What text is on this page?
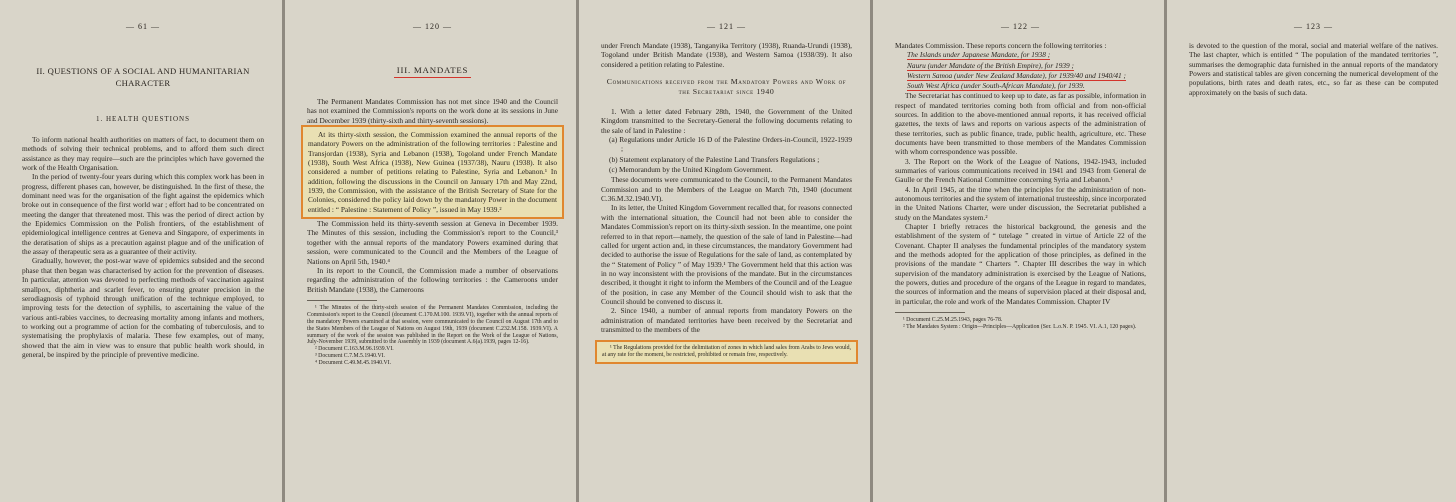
— 61 —
II. QUESTIONS OF A SOCIAL AND HUMANITARIAN CHARACTER
1. HEALTH QUESTIONS

To inform national health authorities on matters of fact, to document them on methods of solving their technical problems, and to afford them such direct assistance as they may require—such are the principles which have governed the work of the Health Organisation.

In the period of twenty-four years during which this complex work has been in progress, different phases can, however, be distinguished. In the first of these, the dominant need was for the organisation of the fight against the epidemics which broke out in consequence of the first world war ; effort had to be concentrated on meeting the danger that threatened most. This was the period of direct action by the Epidemics Commission on the Polish frontiers, of the establishment of epidemiological intelligence centres at Geneva and Singapore, of experiments in the deratisation of ships as a precaution against plague and of the unification of the assay of therapeutic sera as a guarantee of their activity.

Gradually, however, the post-war wave of epidemics subsided and the second phase that then began was characterised by action for the prevention of diseases. In particular, attention was devoted to perfecting methods of vaccination against smallpox, diphtheria and scarlet fever, to ensuring greater precision in the serodiagnosis of typhoid through unification of the technique employed, to improving tests for the detection of syphilis, to ascertaining the value of the various anti-rabies vaccines, to decreasing mortality among infants and mothers, to working out a programme of action for the combating of tuberculosis, and to systematising the prophylaxis of malaria. These few examples, out of many, showed that the aim in view was to ensure that public health work should, in general, be inspired by the principle of preventive medicine.

— 120 —
III. MANDATES

The Permanent Mandates Commission has not met since 1940 and the Council has not examined the Commission's reports on the work done at its sessions in June and December 1939 (thirty-sixth and thirty-seventh sessions).

At its thirty-sixth session, the Commission examined the annual reports of the mandatory Powers on the administration of the following territories : Palestine and Transjordan (1938), Syria and Lebanon (1938), Togoland under French Mandate (1938), South West Africa (1938), New Guinea (1937/38), Nauru (1938). It also considered a number of petitions relating to Palestine, Syria and Lebanon.¹ In addition, following the discussions in the Council on January 17th and May 22nd, 1939, the Commission, with the assistance of the British Secretary of State for the Colonies, considered the policy laid down by the mandatory Power in the document entitled : “ Palestine : Statement of Policy ”, issued in May 1939.²

The Commission held its thirty-seventh session at Geneva in December 1939. The Minutes of this session, including the Commission's report to the Council,³ together with the annual reports of the mandatory Powers examined during that session, were communicated to the Council and the Members of the League of Nations on April 5th, 1940.⁴

In its report to the Council, the Commission made a number of observations regarding the administration of the following territories : the Cameroons under British Mandate (1938), the Cameroons

¹ The Minutes of the thirty-sixth session of the Permanent Mandates Commission, including the Commission's report to the Council (document C.170.M.100. 1939.VI), together with the annual reports of the mandatory Powers examined at that session, were communicated to the Council on August 17th and to the States Members of the League of Nations on August 19th, 1939 (document C.232.M.158. 1939.VI). A summary of the work of the session was published in the Report on the Work of the League of Nations, July-November 1939, submitted to the Assembly in 1939 (document A.6(a).1939, pages 12-16).

² Document C.163.M.96.1939.VI.

³ Document C.7.M.5.1940.VI.

⁴ Document C.49.M.45.1940.VI.

— 121 —

under French Mandate (1938), Tanganyika Territory (1938), Ruanda-Urundi (1938), Togoland under British Mandate (1938), and Western Samoa (1938/39). It also considered a petition relating to Palestine.

Communications received from the Mandatory Powers and Work of the Secretariat since 1940

1. With a letter dated February 28th, 1940, the Government of the United Kingdom transmitted to the Secretary-General the following documents relating to the sale of land in Palestine :

(a) Regulations under Article 16 D of the Palestine Orders-in-Council, 1922-1939 ;

(b) Statement explanatory of the Palestine Land Transfers Regulations ;

(c) Memorandum by the United Kingdom Government.

These documents were communicated to the Council, to the Permanent Mandates Commission and to the Members of the League on March 7th, 1940 (document C.36.M.32.1940.VI).

In its letter, the United Kingdom Government recalled that, for reasons connected with the international situation, the Council had not been able to consider the Mandates Commission's report on its thirty-sixth session. In the meantime, one point referred to in that report—namely, the question of the sale of land in Palestine—had called for urgent action and, in these circumstances, the mandatory Government had decided to authorise the issue of Regulations for the sale of land, as contemplated by the “ Statement of Policy ” of May 1939.¹ The Government held that this action was in no way inconsistent with the provisions of the mandate. But in the circumstances described, it thought it right to inform the Members of the Council and of the League of the position, in case any Member of the Council should wish to ask that the Council should be convened to discuss it.

2. Since 1940, a number of annual reports from mandatory Powers on the administration of mandated territories have been received by the Secretariat and transmitted to the members of the

¹ The Regulations provided for the delimitation of zones in which land sales from Arabs to Jews would, at any rate for the moment, be restricted, prohibited or remain free, respectively.

— 122 —

Mandates Commission. These reports concern the following territories :

The Islands under Japanese Mandate, for 1938 ;

Nauru (under Mandate of the British Empire), for 1939 ;

Western Samoa (under New Zealand Mandate), for 1939/40 and 1940/41 ;

South West Africa (under South-African Mandate), for 1939.

The Secretariat has continued to keep up to date, as far as possible, information in respect of mandated territories coming both from official and from non-official sources. In addition to the above-mentioned annual reports, it has received official gazettes, the texts of laws and reports on various aspects of the administration of these territories, such as public finance, trade, public health, agriculture, etc. These documents have been transmitted to those members of the Mandates Commission with whom correspondence was possible.

3. The Report on the Work of the League of Nations, 1942-1943, included summaries of various communications received in 1941 and 1943 from General de Gaulle or the French National Committee concerning Syria and Lebanon.¹

4. In April 1945, at the time when the principles for the administration of non-autonomous territories and the system of international trusteeship, since incorporated in the United Nations Charter, were under discussion, the Secretariat published a study on the Mandates system.²

Chapter I briefly retraces the historical background, the genesis and the establishment of the system of “ tutelage ” created in virtue of Article 22 of the Covenant. Chapter II analyses the fundamental principles of the mandatory system and the methods adopted for the application of those principles, as defined in the provisions of the mandate “ Charters ”. Chapter III describes the way in which supervision of the mandatory administration is exercised by the League of Nations, the powers, duties and procedure of the organs of the League in regard to mandates, the sources of information and the means of supervision placed at their disposal and, in particular, the role and work of the Mandates Commission. Chapter IV

¹ Document C.25.M.25.1943, pages 76-78.

² The Mandates System : Origin—Principles—Application (Ser. L.o.N. P. 1945. VI. A.1, 120 pages).

— 123 —

is devoted to the question of the moral, social and material welfare of the natives. The last chapter, which is entitled “ The population of the mandated territories ”, summarises the demographic data furnished in the annual reports of the mandatory Powers and statistical tables are given concerning the numerical development of the populations, birth rates and death rates, etc., so far as these can be computed approximately on the basis of such data.
